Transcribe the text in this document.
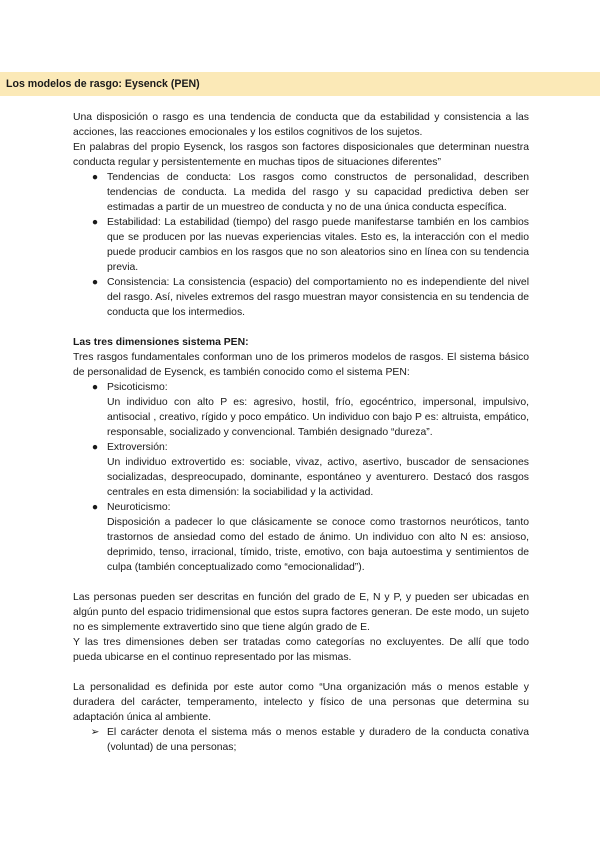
Los modelos de rasgo: Eysenck (PEN)

Una disposición o rasgo es una tendencia de conducta que da estabilidad y consistencia a las acciones, las reacciones emocionales y los estilos cognitivos de los sujetos.

En palabras del propio Eysenck, los rasgos son factores disposicionales que determinan nuestra conducta regular y persistentemente en muchas tipos de situaciones diferentes”

● Tendencias de conducta: Los rasgos como constructos de personalidad, describen tendencias de conducta. La medida del rasgo y su capacidad predictiva deben ser estimadas a partir de un muestreo de conducta y no de una única conducta específica.
● Estabilidad: La estabilidad (tiempo) del rasgo puede manifestarse también en los cambios que se producen por las nuevas experiencias vitales. Esto es, la interacción con el medio puede producir cambios en los rasgos que no son aleatorios sino en línea con su tendencia previa.
● Consistencia: La consistencia (espacio) del comportamiento no es independiente del nivel del rasgo. Así, niveles extremos del rasgo muestran mayor consistencia en su tendencia de conducta que los intermedios.

Las tres dimensiones sistema PEN:

Tres rasgos fundamentales conforman uno de los primeros modelos de rasgos. El sistema básico de personalidad de Eysenck, es también conocido como el sistema PEN:

● Psicoticismo:
Un individuo con alto P es: agresivo, hostil, frío, egocéntrico, impersonal, impulsivo, antisocial , creativo, rígido y poco empático. Un individuo con bajo P es: altruista, empático, responsable, socializado y convencional. También designado “dureza”.
● Extroversión:
Un individuo extrovertido es: sociable, vivaz, activo, asertivo, buscador de sensaciones socializadas, despreocupado, dominante, espontáneo y aventurero. Destacó dos rasgos centrales en esta dimensión: la sociabilidad y la actividad.
● Neuroticismo:
Disposición a padecer lo que clásicamente se conoce como trastornos neuróticos, tanto trastornos de ansiedad como del estado de ánimo. Un individuo con alto N es: ansioso, deprimido, tenso, irracional, tímido, triste, emotivo, con baja autoestima y sentimientos de culpa (también conceptualizado como “emocionalidad”).

Las personas pueden ser descritas en función del grado de E, N y P, y pueden ser ubicadas en algún punto del espacio tridimensional que estos supra factores generan. De este modo, un sujeto no es simplemente extravertido sino que tiene algún grado de E.

Y las tres dimensiones deben ser tratadas como categorías no excluyentes. De allí que todo pueda ubicarse en el continuo representado por las mismas.

La personalidad es definida por este autor como “Una organización más o menos estable y duradera del carácter, temperamento, intelecto y físico de una personas que determina su adaptación única al ambiente.

➢ El carácter denota el sistema más o menos estable y duradero de la conducta conativa (voluntad) de una personas;
